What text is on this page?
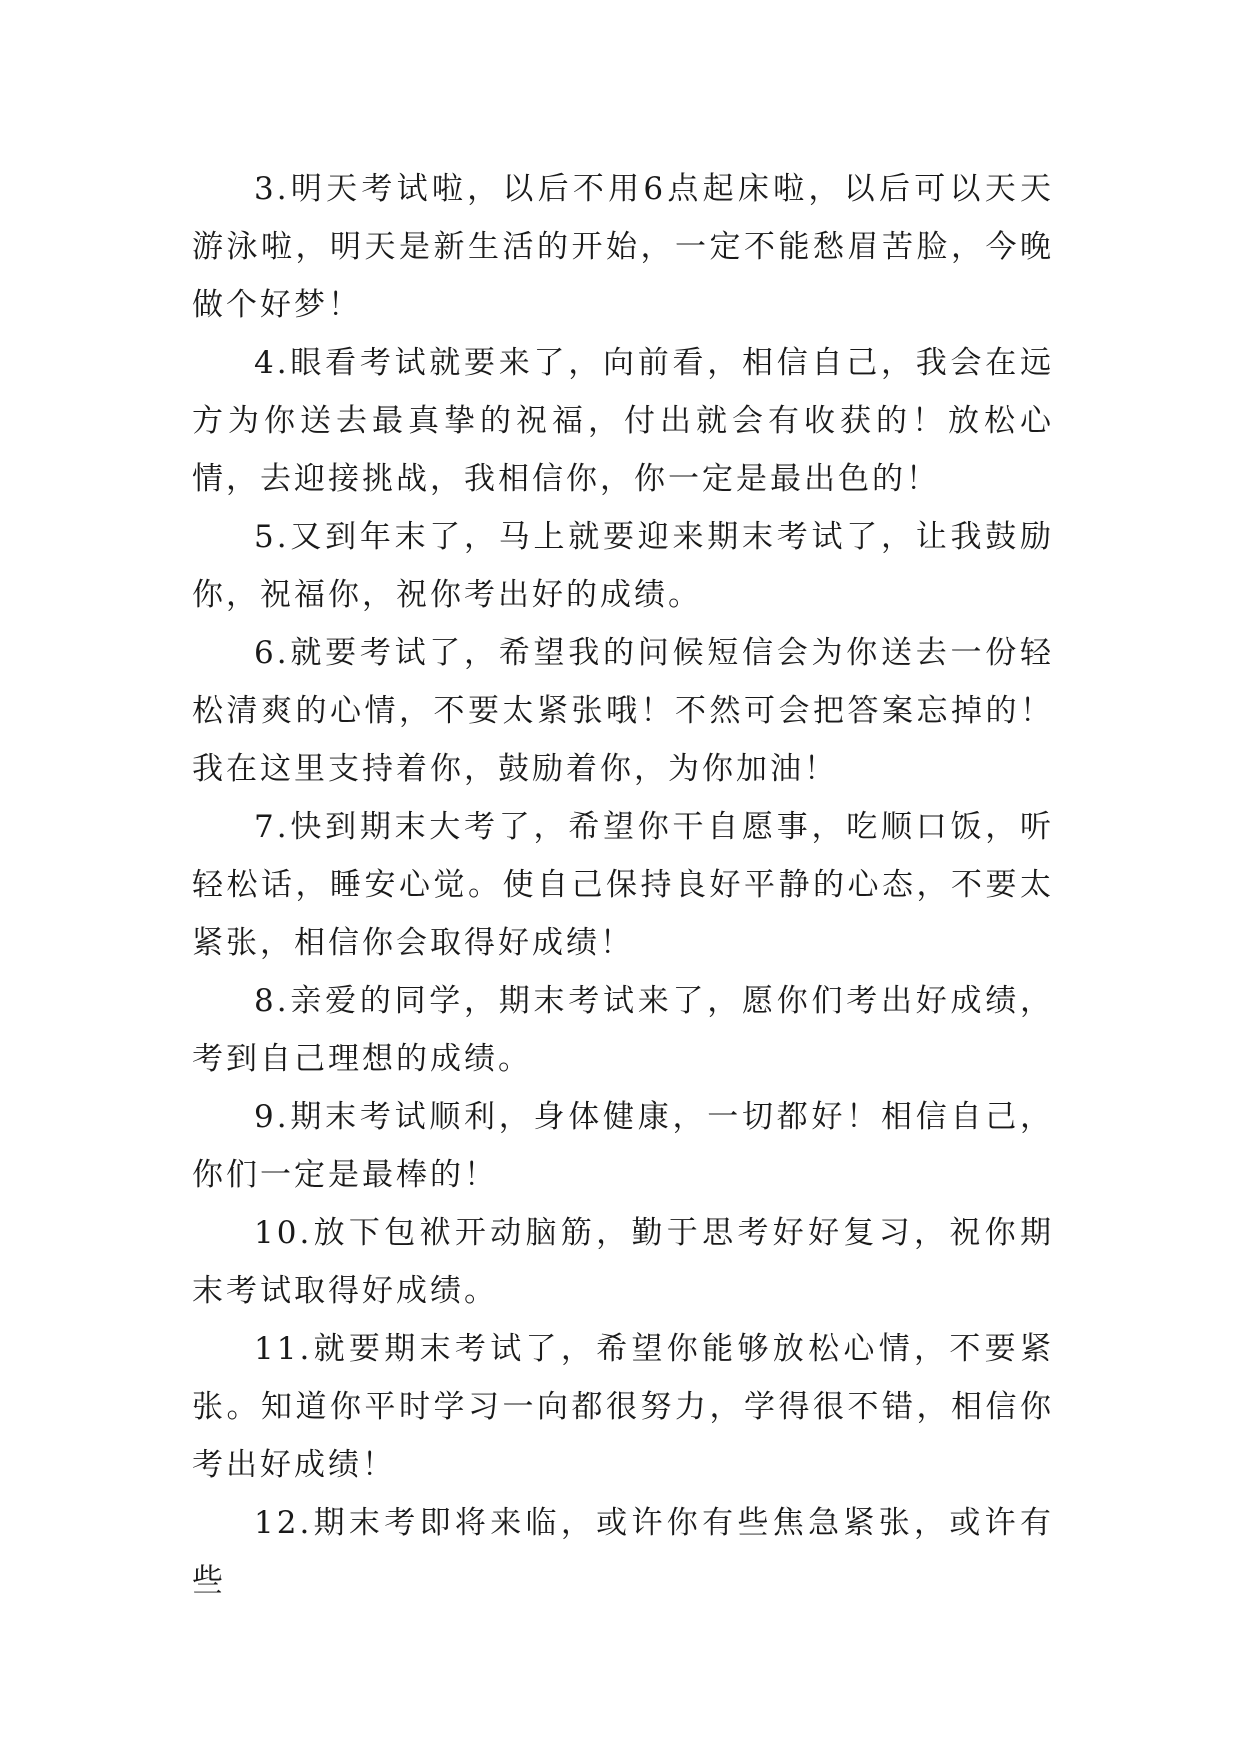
3.明天考试啦，以后不用6点起床啦，以后可以天天游泳啦，明天是新生活的开始，一定不能愁眉苦脸，今晚做个好梦！

4.眼看考试就要来了，向前看，相信自己，我会在远方为你送去最真挚的祝福，付出就会有收获的！放松心情，去迎接挑战，我相信你，你一定是最出色的！

5.又到年末了，马上就要迎来期末考试了，让我鼓励你，祝福你，祝你考出好的成绩。

6.就要考试了，希望我的问候短信会为你送去一份轻松清爽的心情，不要太紧张哦！不然可会把答案忘掉的！我在这里支持着你，鼓励着你，为你加油！

7.快到期末大考了，希望你干自愿事，吃顺口饭，听轻松话，睡安心觉。使自己保持良好平静的心态，不要太紧张，相信你会取得好成绩！

8.亲爱的同学，期末考试来了，愿你们考出好成绩，考到自己理想的成绩。

9.期末考试顺利，身体健康，一切都好！相信自己，你们一定是最棒的！

10.放下包袱开动脑筋，勤于思考好好复习，祝你期末考试取得好成绩。

11.就要期末考试了，希望你能够放松心情，不要紧张。知道你平时学习一向都很努力，学得很不错，相信你考出好成绩！

12.期末考即将来临，或许你有些焦急紧张，或许有些
